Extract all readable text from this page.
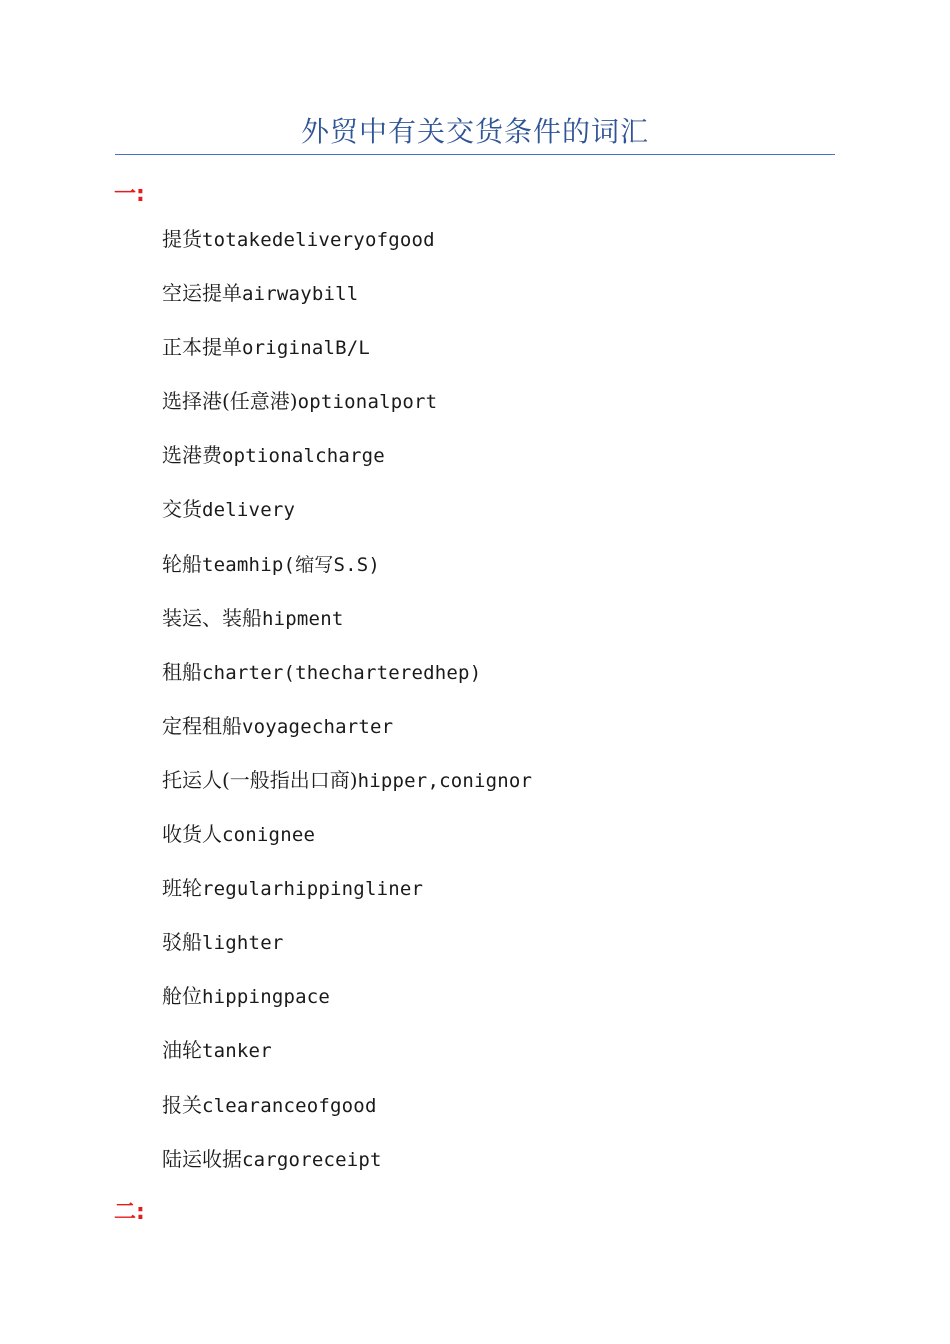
外贸中有关交货条件的词汇
一:
提货totakedeliveryofgood
空运提单airwaybill
正本提单originalB/L
选择港(任意港)optionalport
选港费optionalcharge
交货delivery
轮船teamhip(缩写S.S)
装运、装船hipment
租船charter(thecharteredhep)
定程租船voyagecharter
托运人(一般指出口商)hipper,conignor
收货人conignee
班轮regularhippingliner
驳船lighter
舱位hippingpace
油轮tanker
报关clearanceofgood
陆运收据cargoreceipt
二:
